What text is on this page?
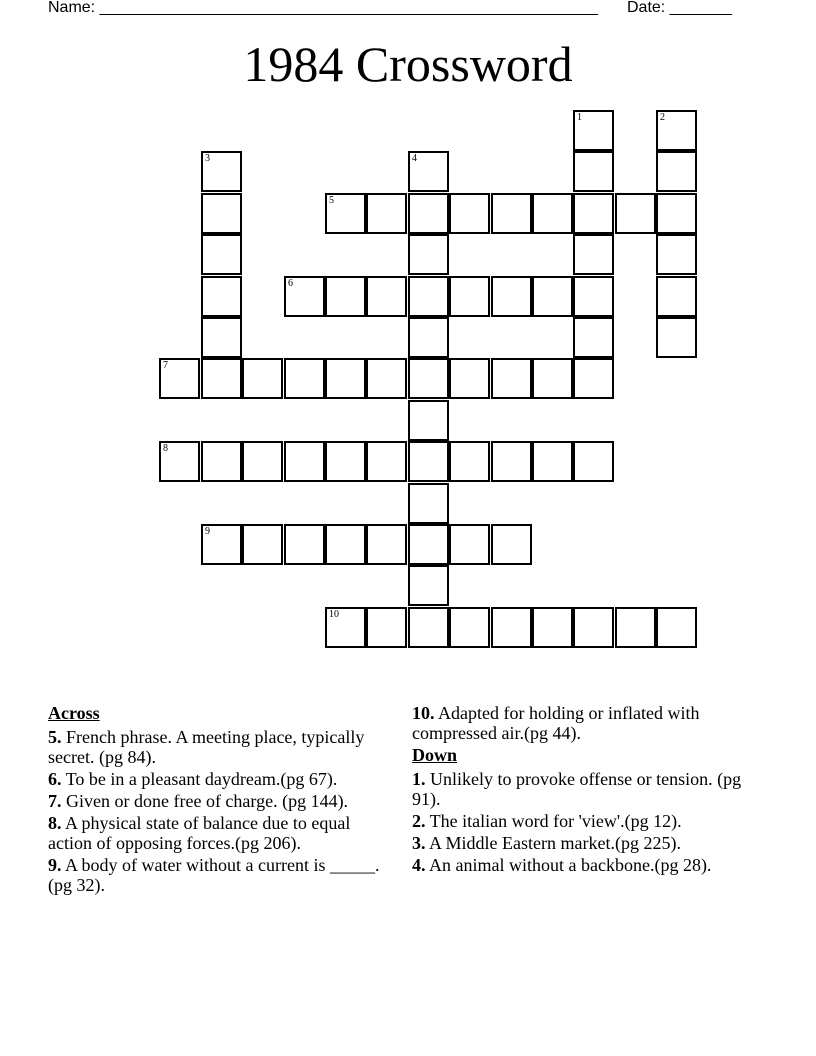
Name: ________________________________________________________ Date: _______
1984 Crossword
1	2
3	4
5
6
7
8
9
10
Across
5. French phrase. A meeting place, typically secret. (pg 84).
6. To be in a pleasant daydream.(pg 67).
7. Given or done free of charge. (pg 144).
8. A physical state of balance due to equal action of opposing forces.(pg 206).
9. A body of water without a current is _____. (pg 32).
10. Adapted for holding or inflated with compressed air.(pg 44).
Down
1. Unlikely to provoke offense or tension. (pg 91).
2. The italian word for 'view'.(pg 12).
3. A Middle Eastern market.(pg 225).
4. An animal without a backbone.(pg 28).
